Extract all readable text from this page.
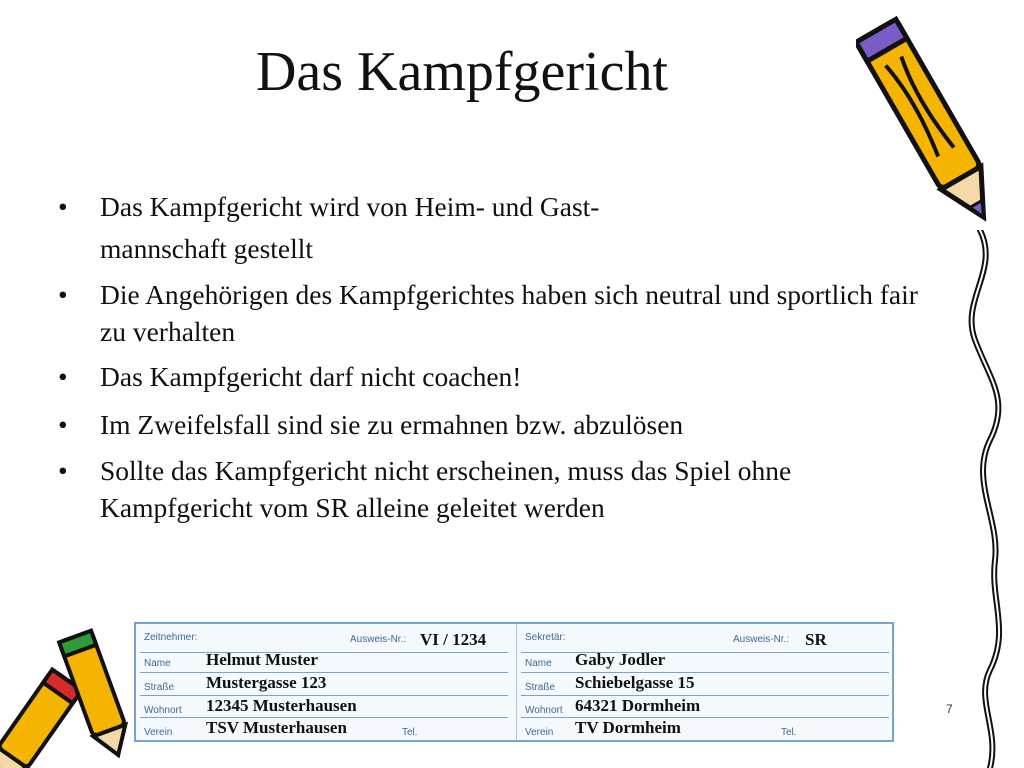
Das Kampfgericht
• Das Kampfgericht wird von Heim- und Gast-
mannschaft gestellt
• Die Angehörigen des Kampfgerichtes haben sich neutral und sportlich fair zu verhalten
• Das Kampfgericht darf nicht coachen!
• Im Zweifelsfall sind sie zu ermahnen bzw. abzulösen
• Sollte das Kampfgericht nicht erscheinen, muss das Spiel ohne Kampfgericht vom SR alleine geleitet werden
Zeitnehmer:	Ausweis-Nr.: VI / 1234
Name Helmut Muster
Straße Mustergasse 123
Wohnort 12345 Musterhausen
Verein TSV Musterhausen	Tel.
Sekretär:	Ausweis-Nr.: SR
Name Gaby Jodler
Straße Schiebelgasse 15
Wohnort 64321 Dormheim
Verein TV Dormheim	Tel.
7
